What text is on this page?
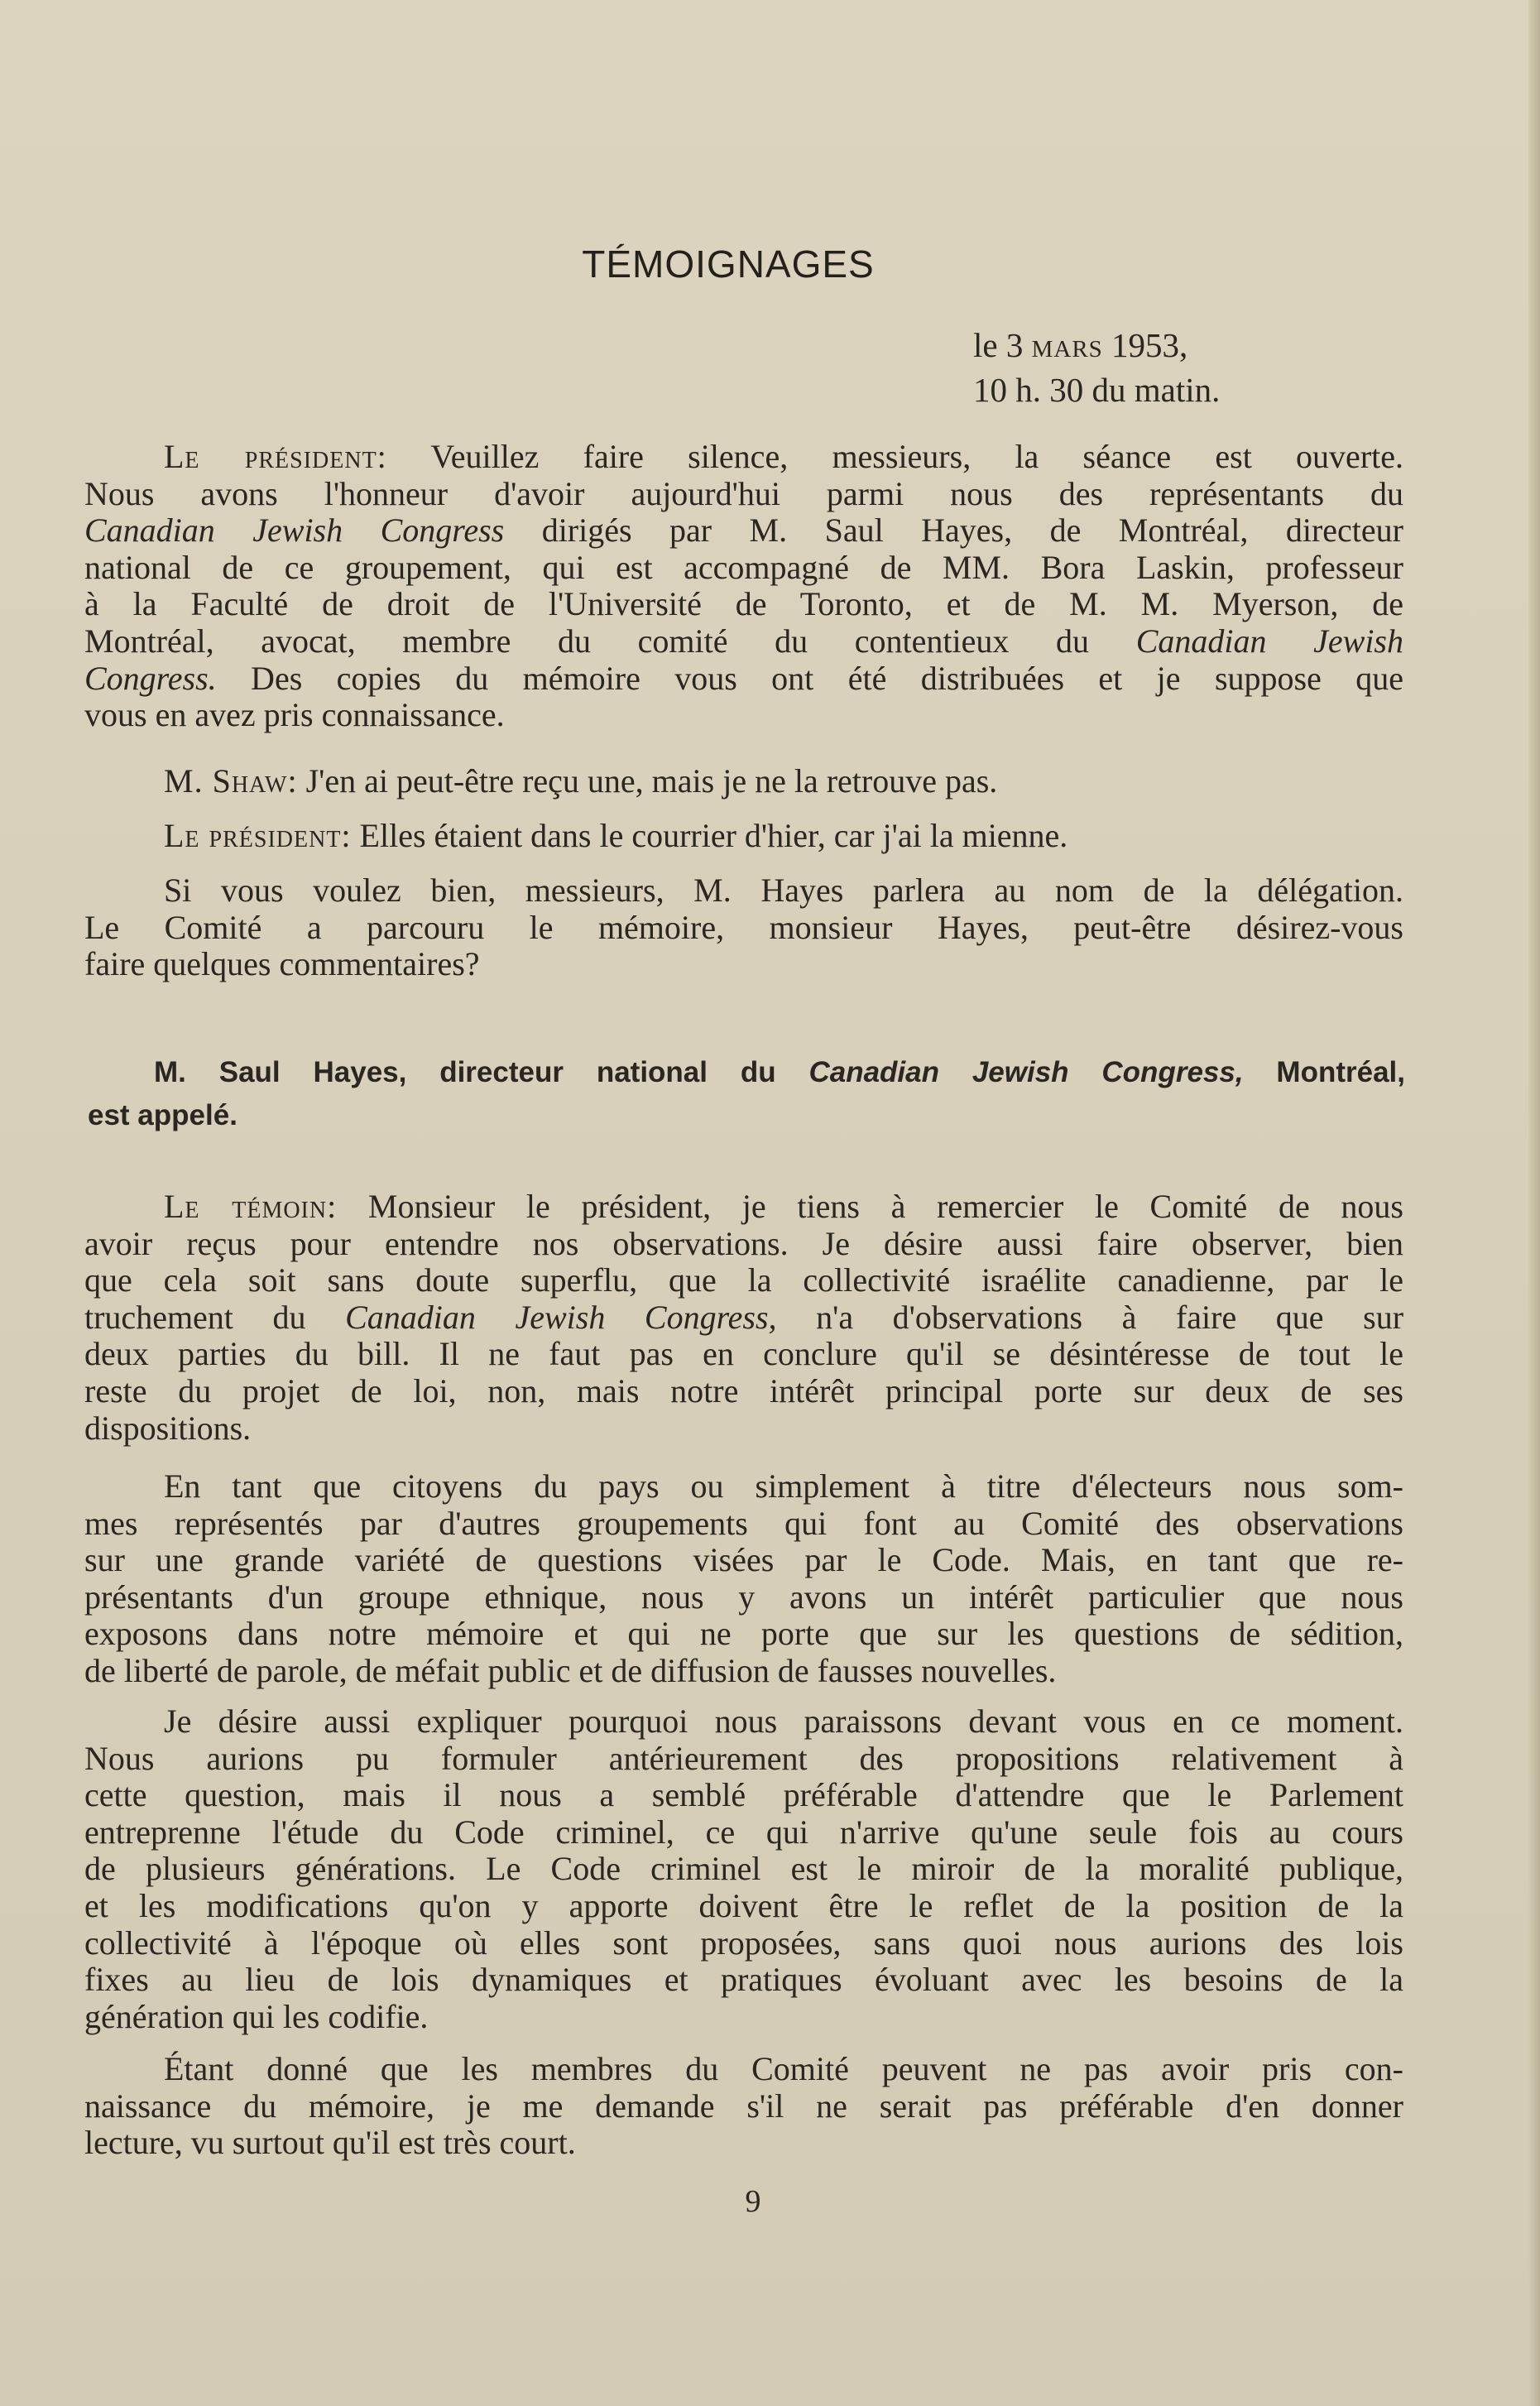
TÉMOIGNAGES
le 3 mars 1953,
10 h. 30 du matin.
Le président: Veuillez faire silence, messieurs, la séance est ouverte.
Nous avons l'honneur d'avoir aujourd'hui parmi nous des représentants du
Canadian Jewish Congress dirigés par M. Saul Hayes, de Montréal, directeur
national de ce groupement, qui est accompagné de MM. Bora Laskin, professeur
à la Faculté de droit de l'Université de Toronto, et de M. M. Myerson, de
Montréal, avocat, membre du comité du contentieux du Canadian Jewish
Congress. Des copies du mémoire vous ont été distribuées et je suppose que
vous en avez pris connaissance.
M. Shaw: J'en ai peut-être reçu une, mais je ne la retrouve pas.
Le président: Elles étaient dans le courrier d'hier, car j'ai la mienne.
Si vous voulez bien, messieurs, M. Hayes parlera au nom de la délégation.
Le Comité a parcouru le mémoire, monsieur Hayes, peut-être désirez-vous
faire quelques commentaires?
M. Saul Hayes, directeur national du Canadian Jewish Congress, Montréal,
est appelé.
Le témoin: Monsieur le président, je tiens à remercier le Comité de nous
avoir reçus pour entendre nos observations. Je désire aussi faire observer, bien
que cela soit sans doute superflu, que la collectivité israélite canadienne, par le
truchement du Canadian Jewish Congress, n'a d'observations à faire que sur
deux parties du bill. Il ne faut pas en conclure qu'il se désintéresse de tout le
reste du projet de loi, non, mais notre intérêt principal porte sur deux de ses
dispositions.
En tant que citoyens du pays ou simplement à titre d'électeurs nous som-
mes représentés par d'autres groupements qui font au Comité des observations
sur une grande variété de questions visées par le Code. Mais, en tant que re-
présentants d'un groupe ethnique, nous y avons un intérêt particulier que nous
exposons dans notre mémoire et qui ne porte que sur les questions de sédition,
de liberté de parole, de méfait public et de diffusion de fausses nouvelles.
Je désire aussi expliquer pourquoi nous paraissons devant vous en ce moment.
Nous aurions pu formuler antérieurement des propositions relativement à
cette question, mais il nous a semblé préférable d'attendre que le Parlement
entreprenne l'étude du Code criminel, ce qui n'arrive qu'une seule fois au cours
de plusieurs générations. Le Code criminel est le miroir de la moralité publique,
et les modifications qu'on y apporte doivent être le reflet de la position de la
collectivité à l'époque où elles sont proposées, sans quoi nous aurions des lois
fixes au lieu de lois dynamiques et pratiques évoluant avec les besoins de la
génération qui les codifie.
Étant donné que les membres du Comité peuvent ne pas avoir pris con-
naissance du mémoire, je me demande s'il ne serait pas préférable d'en donner
lecture, vu surtout qu'il est très court.
9
